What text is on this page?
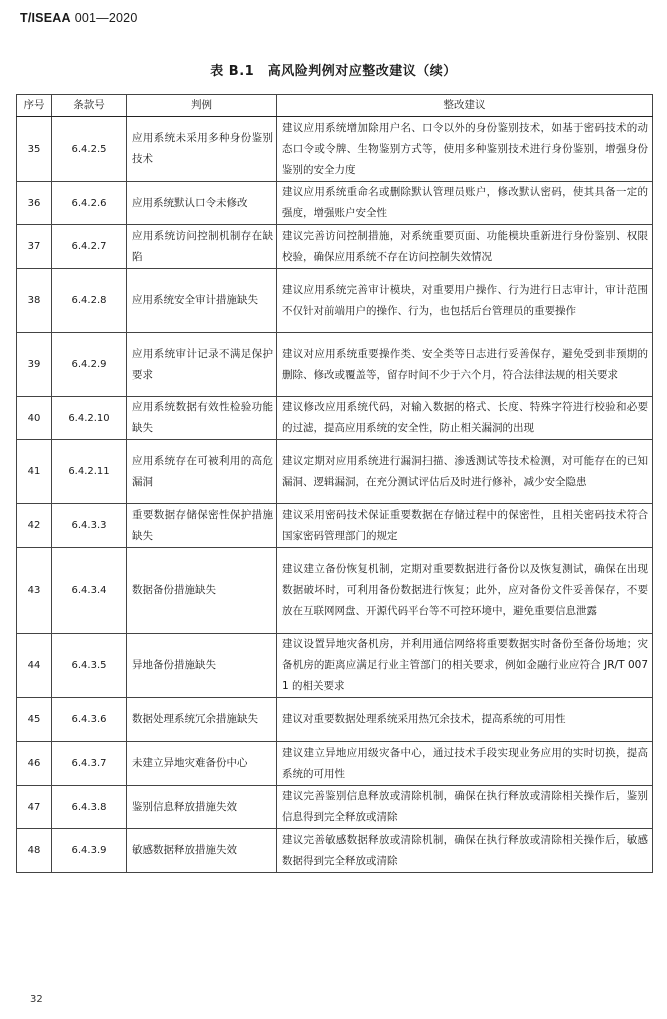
T/ISEAA 001—2020
表 B.1　高风险判例对应整改建议（续）
序号	条款号	判例	整改建议
35	6.4.2.5	应用系统未采用多种身份鉴别技术	建议应用系统增加除用户名、口令以外的身份鉴别技术，如基于密码技术的动态口令或令牌、生物鉴别方式等，使用多种鉴别技术进行身份鉴别，增强身份鉴别的安全力度
36	6.4.2.6	应用系统默认口令未修改	建议应用系统重命名或删除默认管理员账户，修改默认密码，使其具备一定的强度，增强账户安全性
37	6.4.2.7	应用系统访问控制机制存在缺陷	建议完善访问控制措施，对系统重要页面、功能模块重新进行身份鉴别、权限校验，确保应用系统不存在访问控制失效情况
38	6.4.2.8	应用系统安全审计措施缺失	建议应用系统完善审计模块，对重要用户操作、行为进行日志审计，审计范围不仅针对前端用户的操作、行为，也包括后台管理员的重要操作
39	6.4.2.9	应用系统审计记录不满足保护要求	建议对应用系统重要操作类、安全类等日志进行妥善保存，避免受到非预期的删除、修改或覆盖等，留存时间不少于六个月，符合法律法规的相关要求
40	6.4.2.10	应用系统数据有效性检验功能缺失	建议修改应用系统代码，对输入数据的格式、长度、特殊字符进行校验和必要的过滤，提高应用系统的安全性，防止相关漏洞的出现
41	6.4.2.11	应用系统存在可被利用的高危漏洞	建议定期对应用系统进行漏洞扫描、渗透测试等技术检测，对可能存在的已知漏洞、逻辑漏洞，在充分测试评估后及时进行修补，减少安全隐患
42	6.4.3.3	重要数据存储保密性保护措施缺失	建议采用密码技术保证重要数据在存储过程中的保密性，且相关密码技术符合国家密码管理部门的规定
43	6.4.3.4	数据备份措施缺失	建议建立备份恢复机制，定期对重要数据进行备份以及恢复测试，确保在出现数据破坏时，可利用备份数据进行恢复；此外，应对备份文件妥善保存，不要放在互联网网盘、开源代码平台等不可控环境中，避免重要信息泄露
44	6.4.3.5	异地备份措施缺失	建议设置异地灾备机房，并利用通信网络将重要数据实时备份至备份场地；灾备机房的距离应满足行业主管部门的相关要求，例如金融行业应符合 JR/T 0071 的相关要求
45	6.4.3.6	数据处理系统冗余措施缺失	建议对重要数据处理系统采用热冗余技术，提高系统的可用性
46	6.4.3.7	未建立异地灾难备份中心	建议建立异地应用级灾备中心，通过技术手段实现业务应用的实时切换，提高系统的可用性
47	6.4.3.8	鉴别信息释放措施失效	建议完善鉴别信息释放或清除机制，确保在执行释放或清除相关操作后，鉴别信息得到完全释放或清除
48	6.4.3.9	敏感数据释放措施失效	建议完善敏感数据释放或清除机制，确保在执行释放或清除相关操作后，敏感数据得到完全释放或清除
32
